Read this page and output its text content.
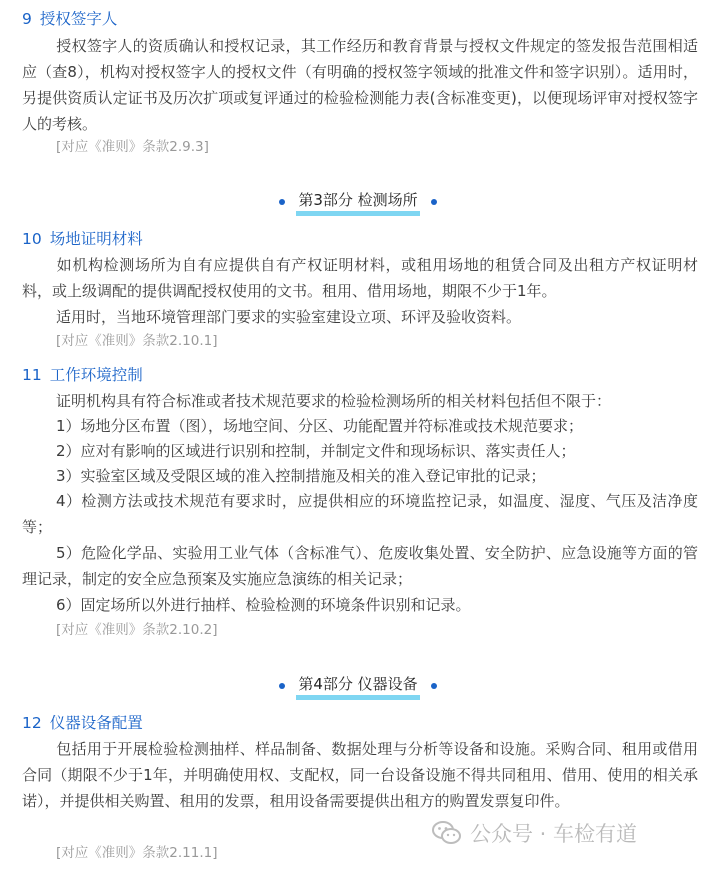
9 授权签字人
授权签字人的资质确认和授权记录，其工作经历和教育背景与授权文件规定的签发报告范围相适应（查8），机构对授权签字人的授权文件（有明确的授权签字领域的批准文件和签字识别）。适用时，另提供资质认定证书及历次扩项或复评通过的检验检测能力表(含标准变更)，以便现场评审对授权签字人的考核。
[对应《准则》条款2.9.3]
第3部分 检测场所
10 场地证明材料
如机构检测场所为自有应提供自有产权证明材料，或租用场地的租赁合同及出租方产权证明材料，或上级调配的提供调配授权使用的文书。租用、借用场地，期限不少于1年。
适用时，当地环境管理部门要求的实验室建设立项、环评及验收资料。
[对应《准则》条款2.10.1]
11 工作环境控制
证明机构具有符合标准或者技术规范要求的检验检测场所的相关材料包括但不限于：
1）场地分区布置（图），场地空间、分区、功能配置并符标准或技术规范要求；
2）应对有影响的区域进行识别和控制，并制定文件和现场标识、落实责任人；
3）实验室区域及受限区域的准入控制措施及相关的准入登记审批的记录；
4）检测方法或技术规范有要求时，应提供相应的环境监控记录，如温度、湿度、气压及洁净度等；
5）危险化学品、实验用工业气体（含标准气）、危废收集处置、安全防护、应急设施等方面的管理记录，制定的安全应急预案及实施应急演练的相关记录；
6）固定场所以外进行抽样、检验检测的环境条件识别和记录。
[对应《准则》条款2.10.2]
第4部分 仪器设备
12 仪器设备配置
包括用于开展检验检测抽样、样品制备、数据处理与分析等设备和设施。采购合同、租用或借用合同（期限不少于1年，并明确使用权、支配权，同一台设备设施不得共同租用、借用、使用的相关承诺），并提供相关购置、租用的发票，租用设备需要提供出租方的购置发票复印件。
[对应《准则》条款2.11.1]
公众号 · 车检有道
